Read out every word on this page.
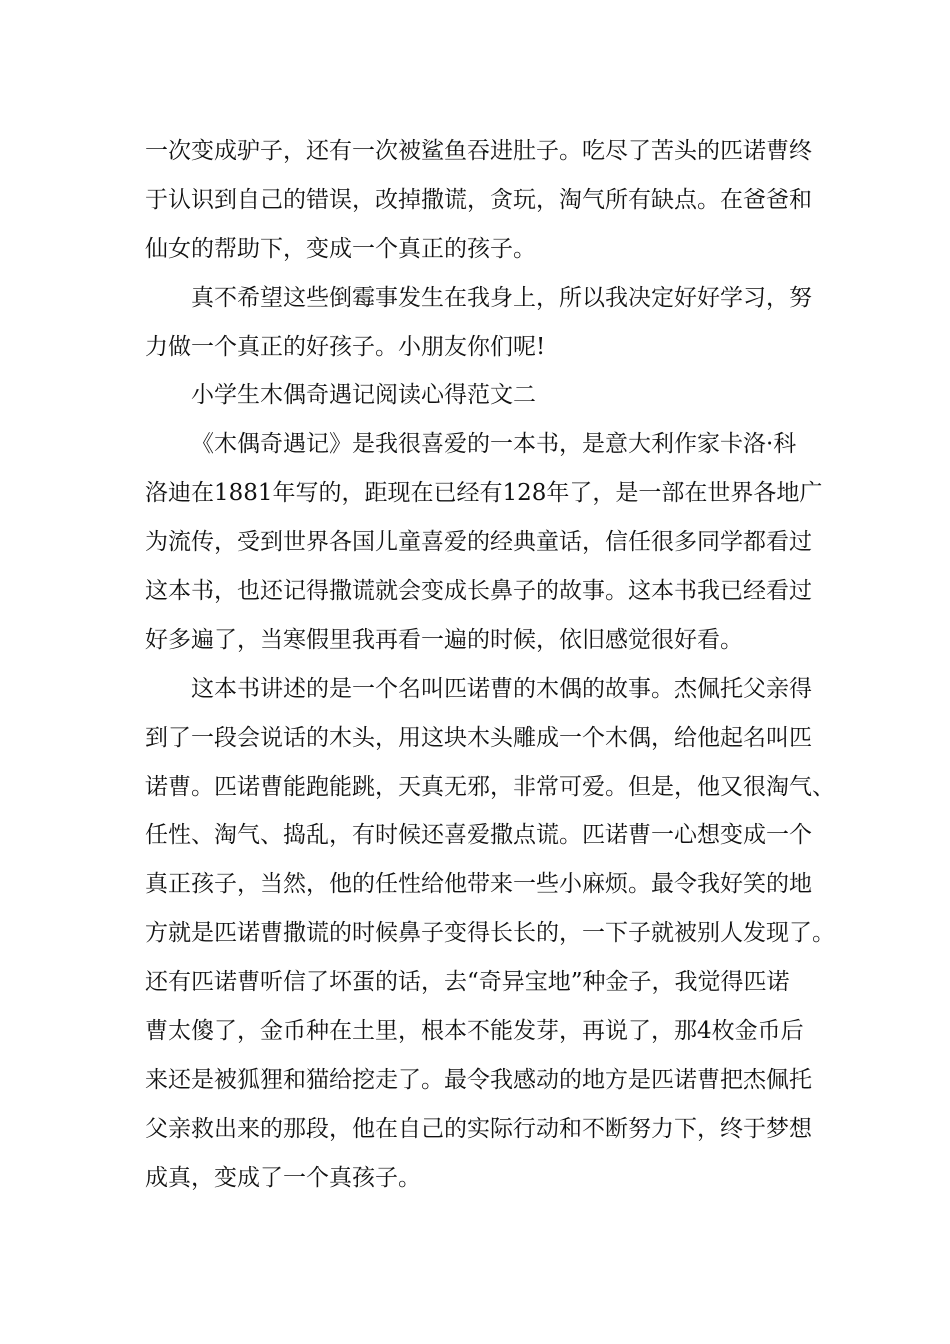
一次变成驴子，还有一次被鲨鱼吞进肚子。吃尽了苦头的匹诺曹终
于认识到自己的错误，改掉撒谎，贪玩，淘气所有缺点。在爸爸和
仙女的帮助下，变成一个真正的孩子。
真不希望这些倒霉事发生在我身上，所以我决定好好学习，努
力做一个真正的好孩子。小朋友你们呢!
小学生木偶奇遇记阅读心得范文二
《木偶奇遇记》是我很喜爱的一本书，是意大利作家卡洛·科
洛迪在1881年写的，距现在已经有128年了，是一部在世界各地广
为流传，受到世界各国儿童喜爱的经典童话，信任很多同学都看过
这本书，也还记得撒谎就会变成长鼻子的故事。这本书我已经看过
好多遍了，当寒假里我再看一遍的时候，依旧感觉很好看。
这本书讲述的是一个名叫匹诺曹的木偶的故事。杰佩托父亲得
到了一段会说话的木头，用这块木头雕成一个木偶，给他起名叫匹
诺曹。匹诺曹能跑能跳，天真无邪，非常可爱。但是，他又很淘气、
任性、淘气、捣乱，有时候还喜爱撒点谎。匹诺曹一心想变成一个
真正孩子，当然，他的任性给他带来一些小麻烦。最令我好笑的地
方就是匹诺曹撒谎的时候鼻子变得长长的，一下子就被别人发现了。
还有匹诺曹听信了坏蛋的话，去“奇异宝地”种金子，我觉得匹诺
曹太傻了，金币种在土里，根本不能发芽，再说了，那4枚金币后
来还是被狐狸和猫给挖走了。最令我感动的地方是匹诺曹把杰佩托
父亲救出来的那段，他在自己的实际行动和不断努力下，终于梦想
成真，变成了一个真孩子。
